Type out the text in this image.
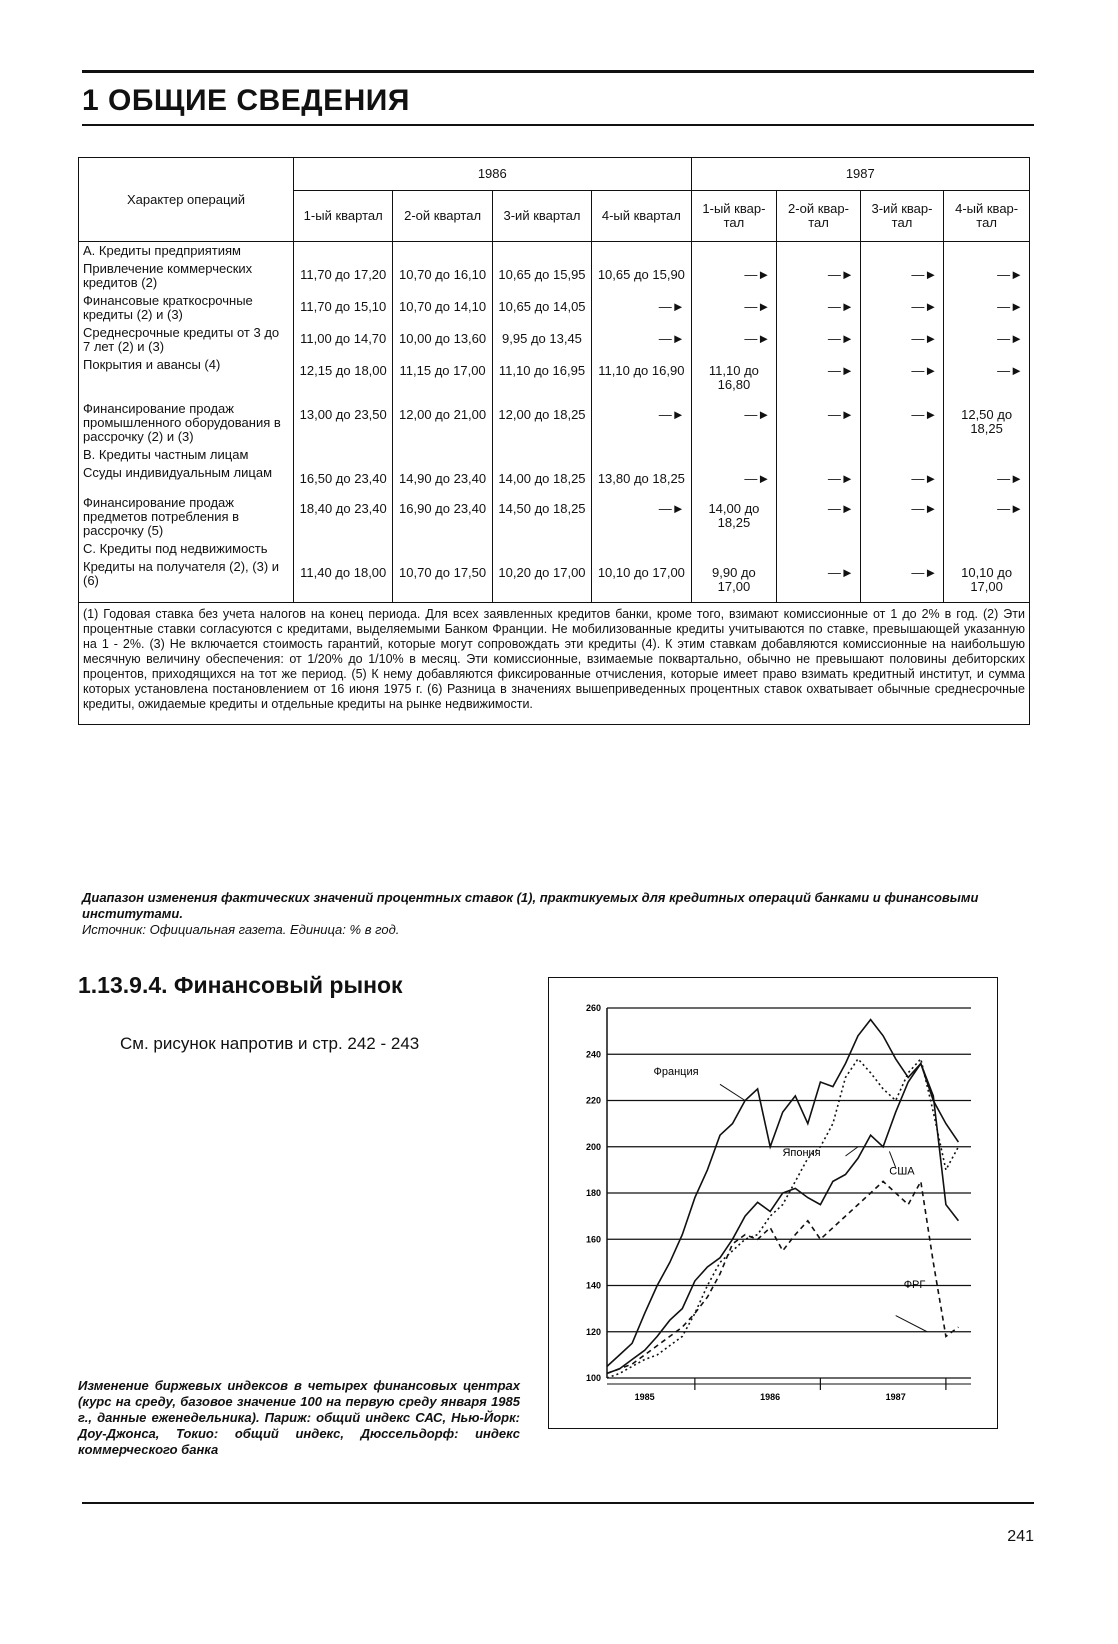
1 ОБЩИЕ СВЕДЕНИЯ
Характер операций	1986				1987			
	1-ый квартал	2-ой квартал	3-ий квартал	4-ый квартал	1-ый квар- тал	2-ой квар- тал	3-ий квар- тал	4-ый квар- тал
А. Кредиты предприятиям								
Привлечение коммерческих кредитов (2)	11,70 до 17,20	10,70 до 16,10	10,65 до 15,95	10,65 до 15,90	—►	—►	—►	—►
Финансовые краткосрочные кредиты (2) и (3)	11,70 до 15,10	10,70 до 14,10	10,65 до 14,05	—►	—►	—►	—►	—►
Среднесрочные кредиты от 3 до 7 лет (2) и (3)	11,00 до 14,70	10,00 до 13,60	9,95 до 13,45	—►	—►	—►	—►	—►
Покрытия и авансы (4)	12,15 до 18,00	11,15 до 17,00	11,10 до 16,95	11,10 до 16,90	11,10 до 16,80	—►	—►	—►
Финансирование продаж промышленного оборудования в рассрочку (2) и (3)	13,00 до 23,50	12,00 до 21,00	12,00 до 18,25	—►	—►	—►	—►	12,50 до 18,25
В. Кредиты частным лицам								
Ссуды индивидуальным лицам	16,50 до 23,40	14,90 до 23,40	14,00 до 18,25	13,80 до 18,25	—►	—►	—►	—►
Финансирование продаж предметов потребления в рассрочку (5)	18,40 до 23,40	16,90 до 23,40	14,50 до 18,25	—►	14,00 до 18,25	—►	—►	—►
С. Кредиты под недвижимость								
Кредиты на получателя (2), (3) и (6)	11,40 до 18,00	10,70 до 17,50	10,20 до 17,00	10,10 до 17,00	9,90 до 17,00	—►	—►	10,10 до 17,00
(1) Годовая ставка без учета налогов на конец периода. Для всех заявленных кредитов банки, кроме того, взимают комиссионные от 1 до 2% в год. (2) Эти процентные ставки согласуются с кредитами, выделяемыми Банком Франции. Не мобилизованные кредиты учитываются по ставке, превышающей указанную на 1 - 2%. (3) Не включается стоимость гарантий, которые могут сопровождать эти кредиты (4). К этим ставкам добавляются комиссионные на наибольшую месячную величину обеспечения: от 1/20% до 1/10% в месяц. Эти комиссионные, взимаемые поквартально, обычно не превышают половины дебиторских процентов, приходящихся на тот же период. (5) К нему добавляются фиксированные отчисления, которые имеет право взимать кредитный институт, и сумма которых установлена постановлением от 16 июня 1975 г. (6) Разница в значениях вышеприведенных процентных ставок охватывает обычные среднесрочные кредиты, ожидаемые кредиты и отдельные кредиты на рынке недвижимости.								
Диапазон изменения фактических значений процентных ставок (1), практикуемых для кредитных операций банками и финансовыми институтами.
Источник: Официальная газета. Единица: % в год.
1.13.9.4. Финансовый рынок
См. рисунок напротив и стр. 242 - 243
Изменение биржевых индексов в четырех финансовых центрах (курс на среду, базовое значение 100 на первую среду января 1985 г., данные еженедельника). Париж: общий индекс САС, Нью-Йорк: Доу-Джонса, Токио: общий индекс, Дюссельдорф: индекс коммерческого банка
100
120
140
160
180
200
220
240
260
1985	1986	1987
Франция
Япония
США
ФРГ
241
